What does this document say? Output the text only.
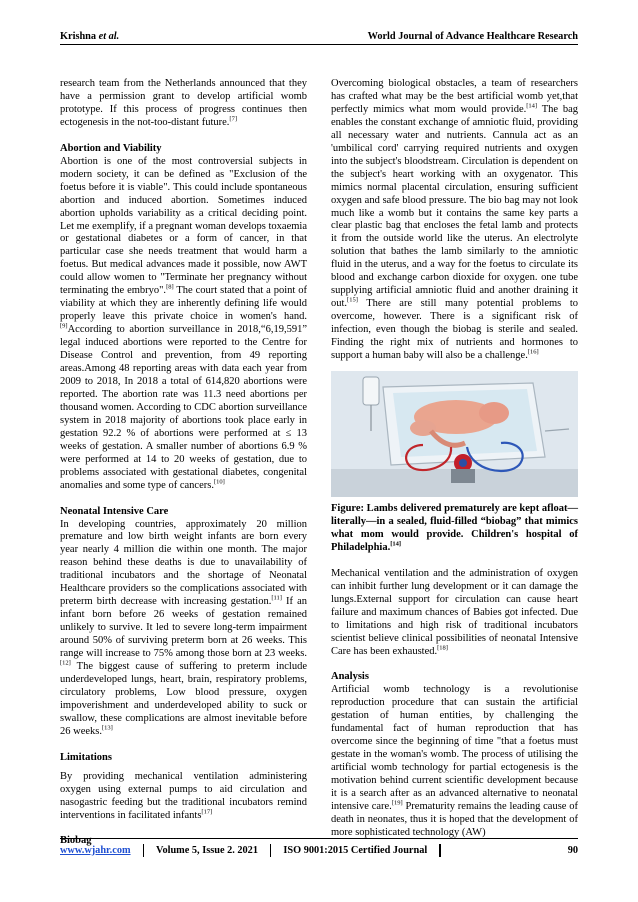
Krishna et al.	World Journal of Advance Healthcare Research

research team from the Netherlands announced that they have a permission grant to develop artificial womb prototype. If this process of progress continues then ectogenesis in the not-too-distant future.[7]

Abortion and Viability

Abortion is one of the most controversial subjects in modern society, it can be defined as "Exclusion of the foetus before it is viable". This could include spontaneous abortion and induced abortion. Sometimes induced abortion upholds variability as a critical deciding point. Let me exemplify, if a pregnant woman develops toxaemia or gestational diabetes or a form of cancer, in that particular case she needs treatment that would harm a foetus. But medical advances made it possible, now AWT could allow women to "Terminate her pregnancy without terminating the embryo".[8] The court stated that a point of viability at which they are inherently defining life would properly leave this private choice in women's hand.[9]According to abortion surveillance in 2018,“6,19,591” legal induced abortions were reported to the Centre for Disease Control and prevention, from 49 reporting areas.Among 48 reporting areas with data each year from 2009 to 2018, In 2018 a total of 614,820 abortions were reported. The abortion rate was 11.3 need abortions per thousand women. According to CDC abortion surveillance system in 2018 majority of abortions took place early in gestation 92.2 % of abortions were performed at ≤ 13 weeks of gestation. A smaller number of abortions 6.9 % were performed at 14 to 20 weeks of gestation, due to problems associated with gestational diabetes, congenital anomalies and some type of cancers.[10]

Neonatal Intensive Care

In developing countries, approximately 20 million premature and low birth weight infants are born every year nearly 4 million die within one month. The major reason behind these deaths is due to unavailability of traditional incubators and the shortage of Neonatal Healthcare providers so the complications associated with preterm birth decrease with increasing gestation.[11] If an infant born before 26 weeks of gestation remained unlikely to survive. It led to severe long-term impairment around 50% of surviving preterm born at 26 weeks. This range will increase to 75% among those born at 23 weeks.[12] The biggest cause of suffering to preterm include underdeveloped lungs, heart, brain, respiratory problems, circulatory problems, Low blood pressure, oxygen impoverishment and underdeveloped ability to suck or swallow, these complications are almost inevitable before 26 weeks.[13]

Limitations

By providing mechanical ventilation administering oxygen using external pumps to aid circulation and nasogastric feeding but the traditional incubators remind interventions in facilitated infants[17]

Biobag

Overcoming biological obstacles, a team of researchers has crafted what may be the best artificial womb yet,that perfectly mimics what mom would provide.[14] The bag enables the constant exchange of amniotic fluid, providing all necessary water and nutrients. Cannula act as an 'umbilical cord' carrying required nutrients and oxygen into the subject's bloodstream. Circulation is dependent on the subject's heart working with an oxygenator. This mimics normal placental circulation, ensuring sufficient oxygen and safe blood pressure. The bio bag may not look much like a womb but it contains the same key parts a clear plastic bag that encloses the fetal lamb and protects it from the outside world like the uterus. An electrolyte solution that bathes the lamb similarly to the amniotic fluid in the uterus, and a way for the foetus to circulate its blood and exchange carbon dioxide for oxygen. one tube supplying artificial amniotic fluid and another draining it out.[15] There are still many potential problems to overcome, however. There is a significant risk of infection, even though the biobag is sterile and sealed. Finding the right mix of nutrients and hormones to support a human baby will also be a challenge.[16]

Figure: Lambs delivered prematurely are kept afloat—literally—in a sealed, fluid-filled “biobag” that mimics what mom would provide. Children's hospital of Philadelphia.[14]

Mechanical ventilation and the administration of oxygen can inhibit further lung development or it can damage the lungs.External support for circulation can cause heart failure and maximum chances of Babies got infected. Due to limitations and high risk of traditional incubators scientist believe clinical possibilities of neonatal Intensive Care has been exhausted.[18]

Analysis

Artificial womb technology is a revolutionise reproduction procedure that can sustain the artificial gestation of human entities, by challenging the fundamental fact of human reproduction that has overcome since the beginning of time "that a foetus must gestate in the woman's womb. The process of utilising the artificial womb technology for partial ectogenesis is the motivation behind current scientific development because it is a search after as an advanced alternative to neonatal intensive care.[19] Prematurity remains the leading cause of death in neonates, thus it is hoped that the development of more sophisticated technology (AW)

www.wjahr.com Volume 5, Issue 2. 2021 ISO 9001:2015 Certified Journal	90
